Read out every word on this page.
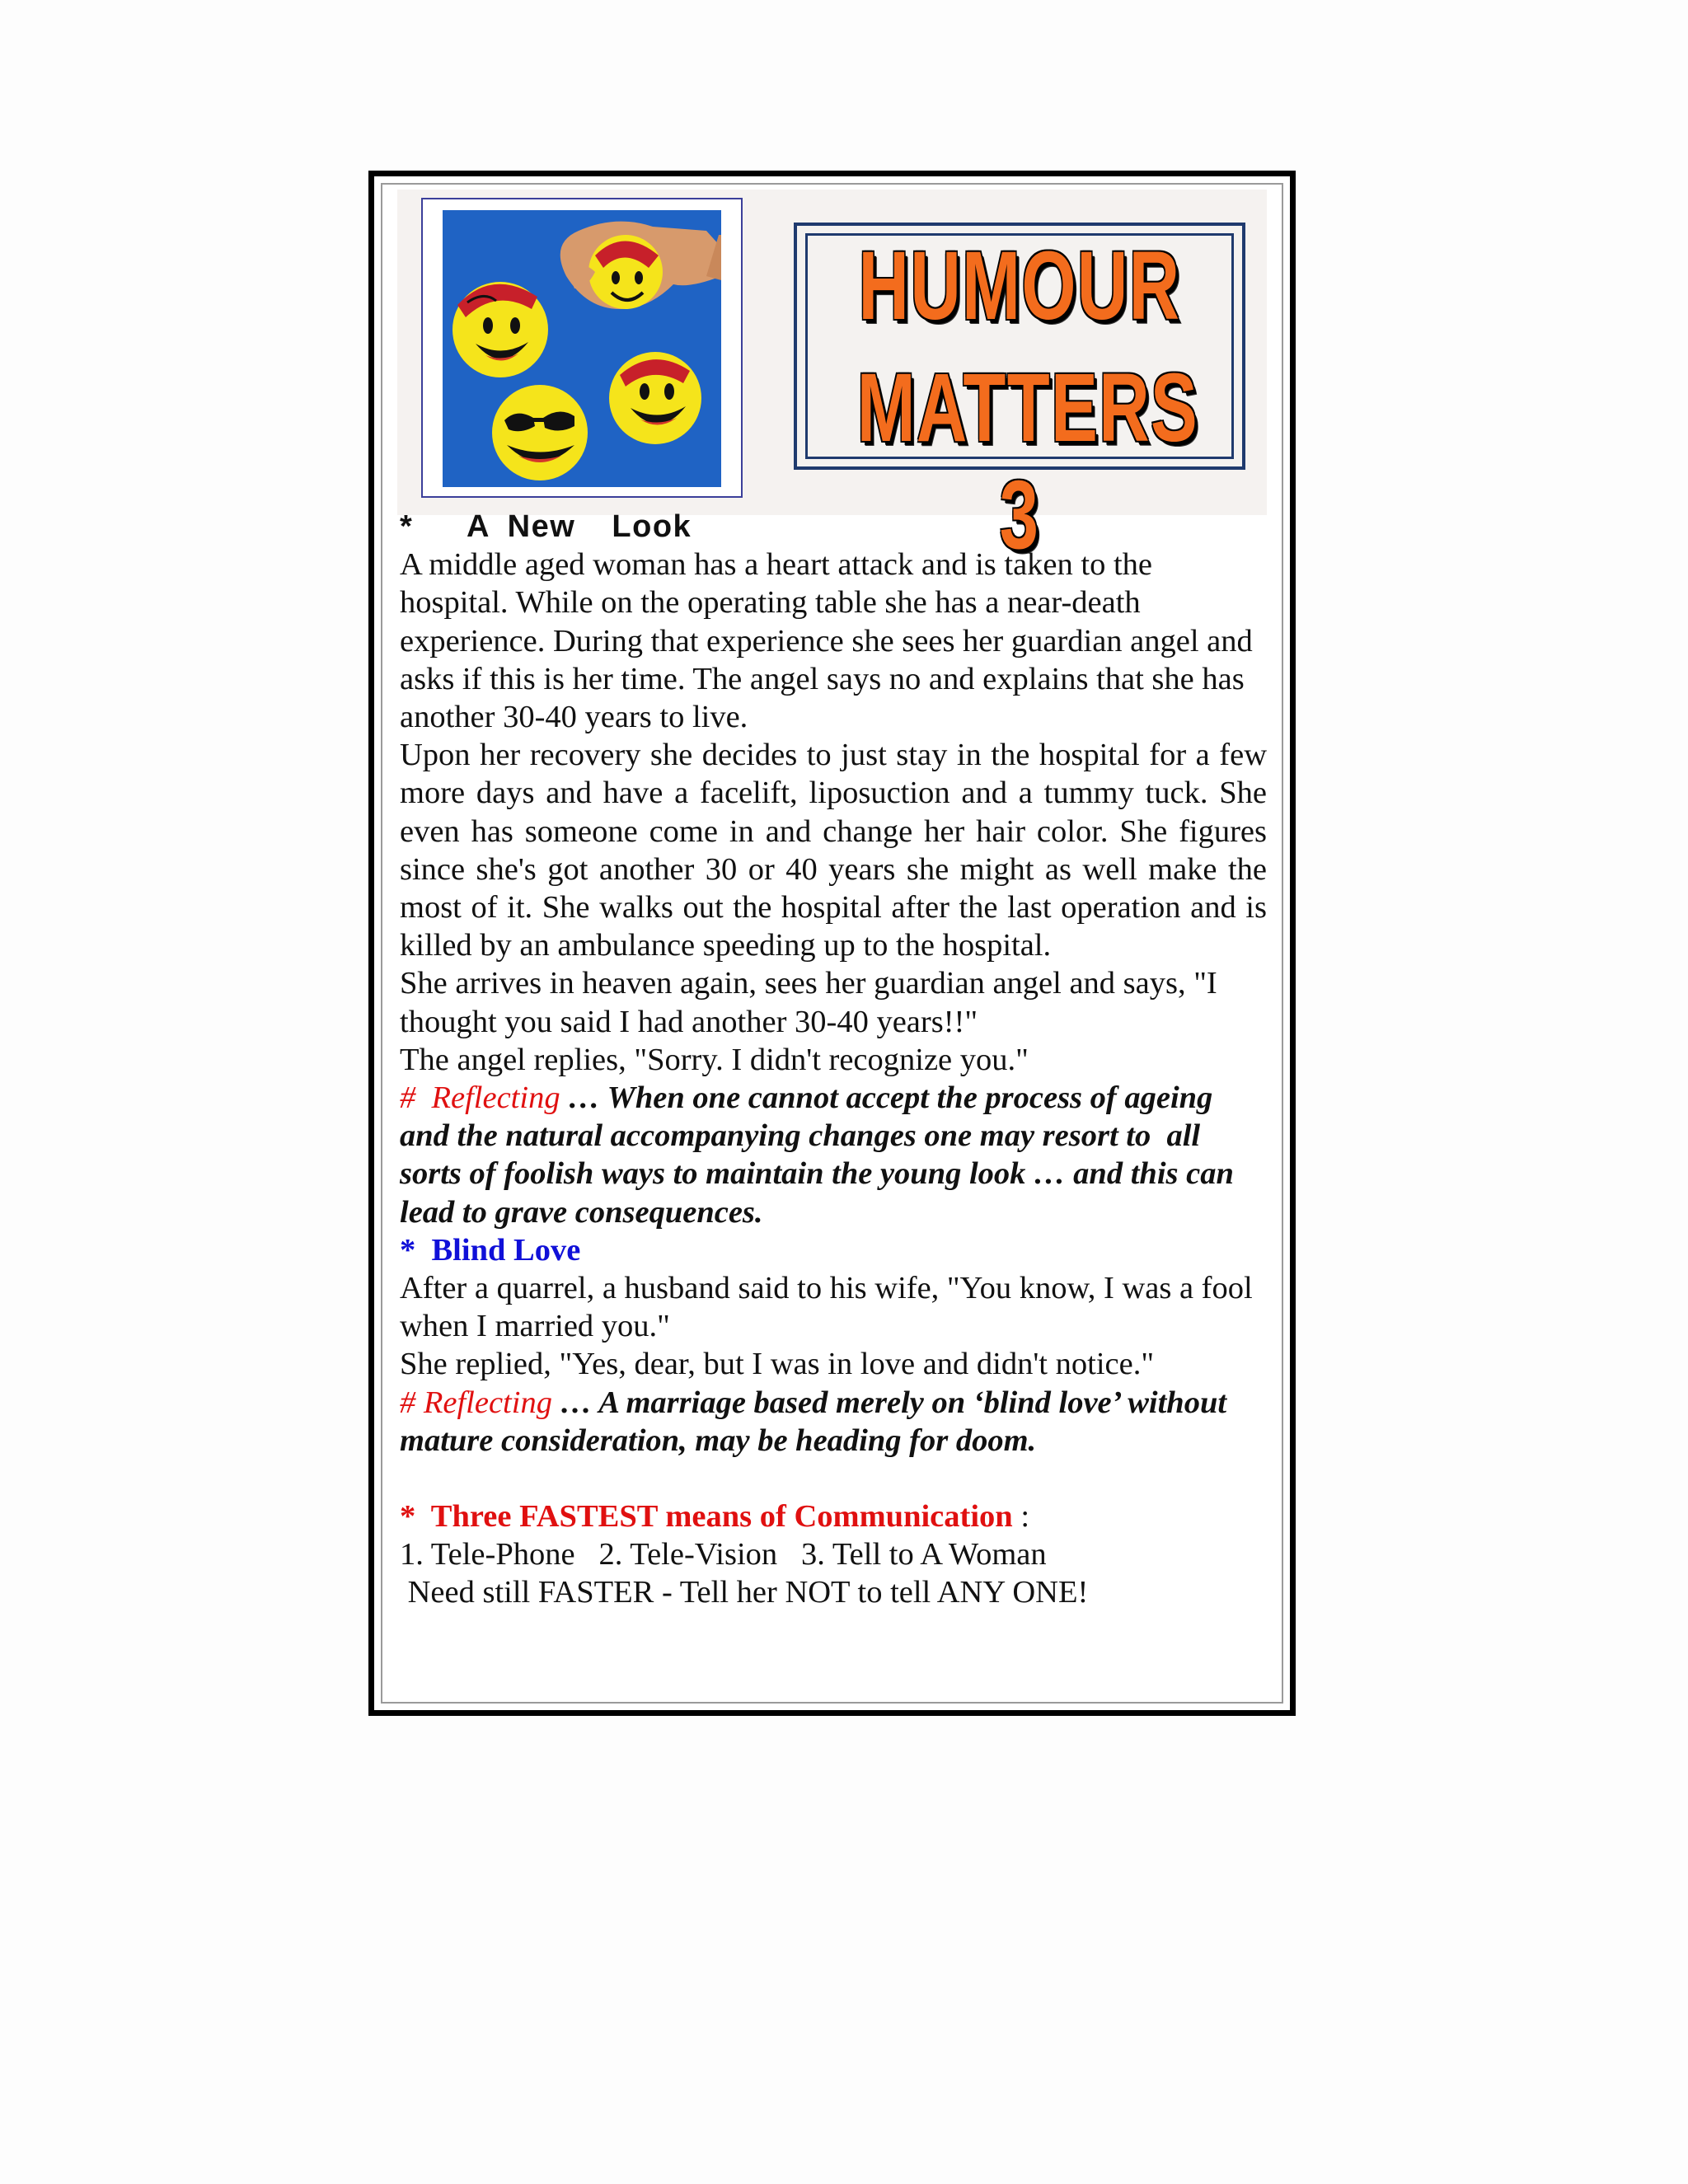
HUMOUR
MATTERS 3

*   A New  Look

A middle aged woman has a heart attack and is taken to the hospital. While on the operating table she has a near-death experience. During that experience she sees her guardian angel and asks if this is her time. The angel says no and explains that she has another 30-40 years to live.

Upon her recovery she decides to just stay in the hospital for a few more days and have a facelift, liposuction and a tummy tuck. She even has someone come in and change her hair color. She figures since she's got another 30 or 40 years she might as well make the most of it. She walks out the hospital after the last operation and is killed by an ambulance speeding up to the hospital.

She arrives in heaven again, sees her guardian angel and says, "I thought you said I had another 30-40 years!!"

The angel replies, "Sorry. I didn't recognize you."

#  Reflecting … When one cannot accept the process of ageing and the natural accompanying changes one may resort to  all sorts of foolish ways to maintain the young look … and this can lead to grave consequences.

*  Blind Love

After a quarrel, a husband said to his wife, "You know, I was a fool when I married you."

She replied, "Yes, dear, but I was in love and didn't notice."

# Reflecting … A marriage based merely on ‘blind love’ without mature consideration, may be heading for doom.

*  Three FASTEST means of Communication :

1. Tele-Phone   2. Tele-Vision   3. Tell to A Woman

Need still FASTER - Tell her NOT to tell ANY ONE!
